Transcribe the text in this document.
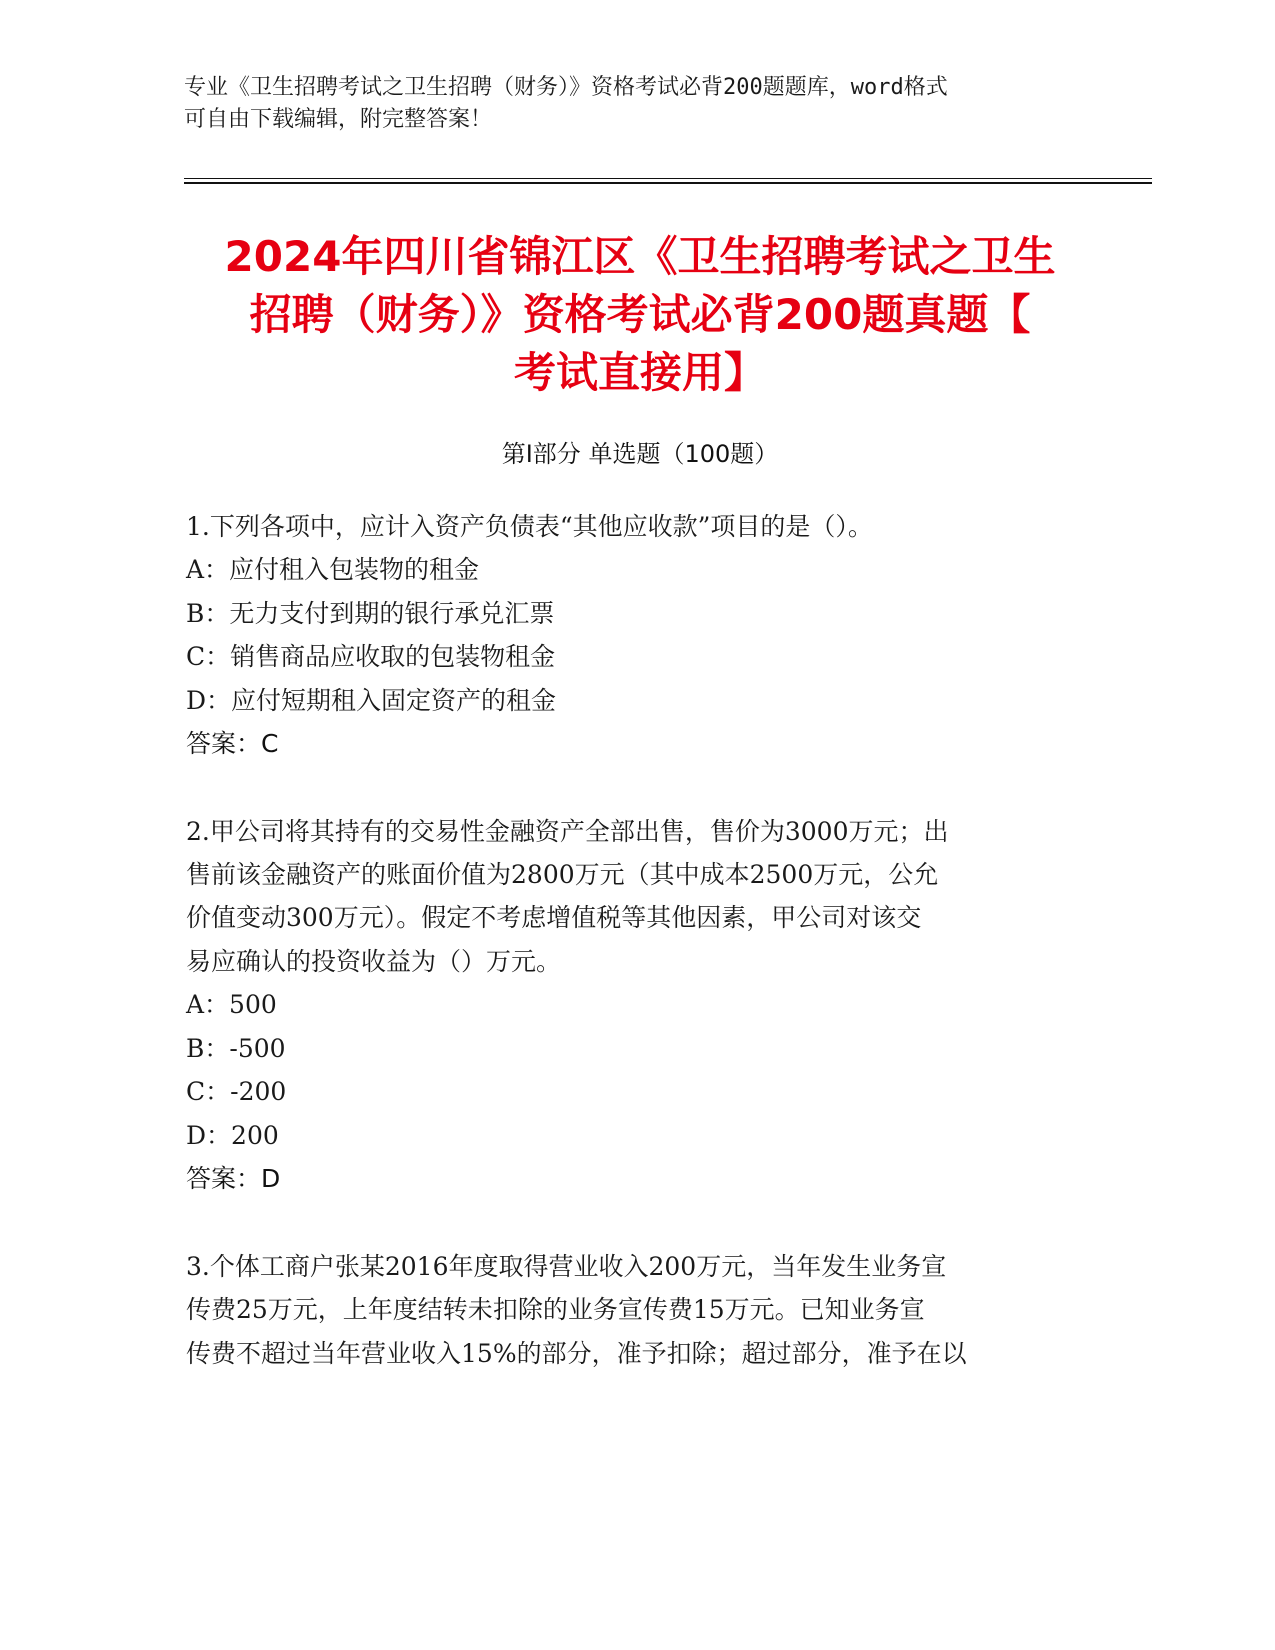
专业《卫生招聘考试之卫生招聘（财务）》资格考试必背200题题库，word格式
可自由下载编辑，附完整答案！
2024年四川省锦江区《卫生招聘考试之卫生
招聘（财务）》资格考试必背200题真题【
考试直接用】
第I部分 单选题（100题）

1.下列各项中，应计入资产负债表“其他应收款”项目的是（）。

A：应付租入包装物的租金

B：无力支付到期的银行承兑汇票

C：销售商品应收取的包装物租金

D：应付短期租入固定资产的租金

答案：C

2.甲公司将其持有的交易性金融资产全部出售，售价为3000万元；出

售前该金融资产的账面价值为2800万元（其中成本2500万元，公允

价值变动300万元）。假定不考虑增值税等其他因素，甲公司对该交

易应确认的投资收益为（）万元。

A：500

B：-500

C：-200

D：200

答案：D

3.个体工商户张某2016年度取得营业收入200万元，当年发生业务宣

传费25万元，上年度结转未扣除的业务宣传费15万元。已知业务宣

传费不超过当年营业收入15%的部分，准予扣除；超过部分，准予在以
